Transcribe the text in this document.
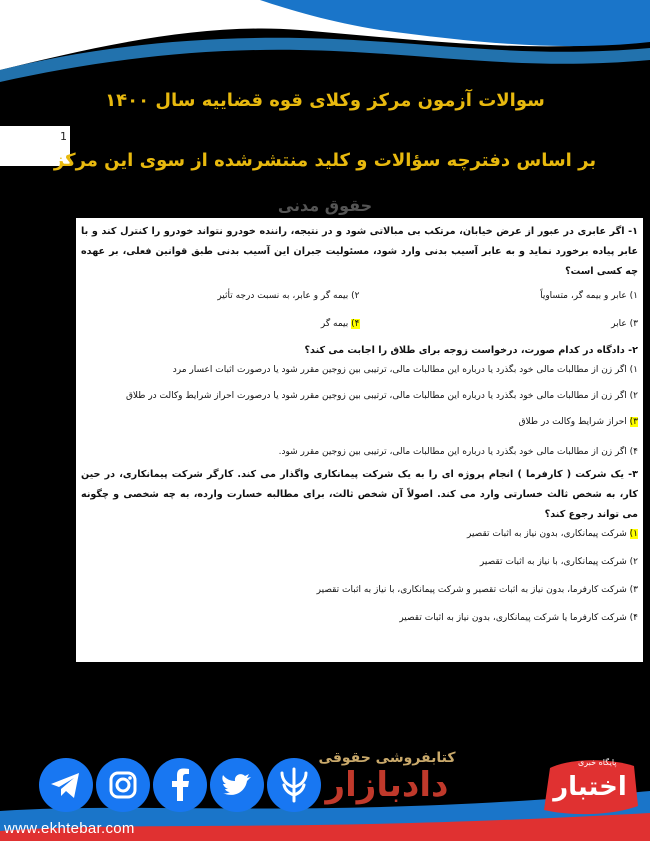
سوالات آزمون مرکز وکلای قوه قضاییه سال ۱۴۰۰
1
بر اساس دفترچه سؤالات و کلید منتشرشده از سوی این مرکز
حقوق مدنی
۱- اگر عابری در عبور از عرض خیابان، مرتکب بی مبالاتی شود و در نتیجه، راننده خودرو نتواند خودرو را کنترل کند و با عابر پیاده برخورد نماید و به عابر آسیب بدنی وارد شود، مسئولیت جبران این آسیب بدنی طبق قوانین فعلی، بر عهده چه کسی است؟
۱) عابر و بیمه گر، متساویاً
۲) بیمه گر و عابر، به نسبت درجه تأثیر
۳) عابر
۴) بیمه گر
۲- دادگاه در کدام صورت، درخواست زوجه برای طلاق را اجابت می کند؟
۱) اگر زن از مطالبات مالی خود بگذرد یا درباره این مطالبات مالی، ترتیبی بین زوجین مقرر شود یا درصورت اثبات اعسار مرد
۲) اگر زن از مطالبات مالی خود بگذرد یا درباره این مطالبات مالی، ترتیبی بین زوجین مقرر شود یا درصورت احراز شرایط وکالت در طلاق
۳) احراز شرایط وکالت در طلاق
۴) اگر زن از مطالبات مالی خود بگذرد یا درباره این مطالبات مالی، ترتیبی بین زوجین مقرر شود.
۳- یک شرکت ( کارفرما ) انجام پروژه ای را به یک شرکت پیمانکاری واگذار می کند. کارگر شرکت پیمانکاری، در حین کار، به شخص ثالث خسارتی وارد می کند. اصولاً آن شخص ثالث، برای مطالبه خسارت وارده، به چه شخصی و چگونه می تواند رجوع کند؟
۱) شرکت پیمانکاری، بدون نیاز به اثبات تقصیر
۲) شرکت پیمانکاری، با نیاز به اثبات تقصیر
۳) شرکت کارفرما، بدون نیاز به اثبات تقصیر و شرکت پیمانکاری، با نیاز به اثبات تقصیر
۴) شرکت کارفرما یا شرکت پیمانکاری، بدون نیاز به اثبات تقصیر
www.ekhtebar.com
کتابفروشی حقوقی
دادبازار
پایگاه خبری
اختبار
